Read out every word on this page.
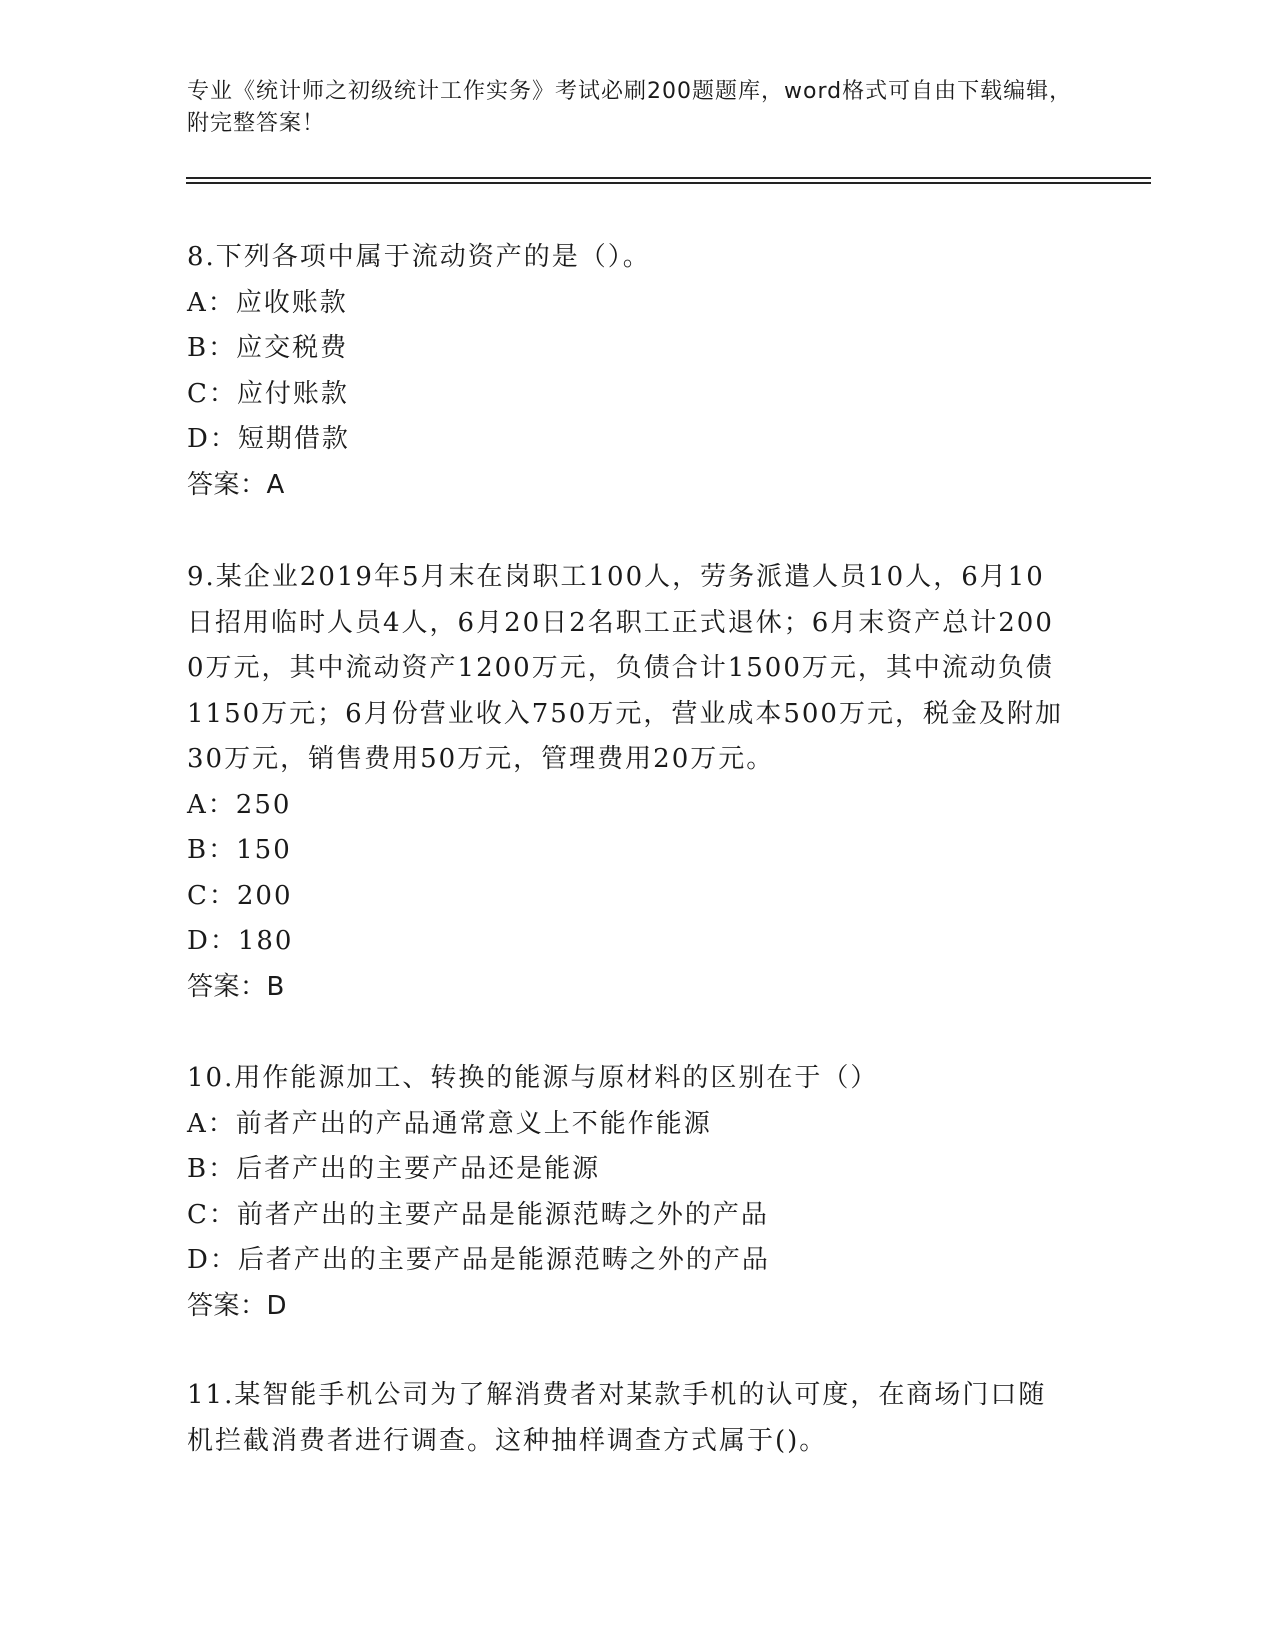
专业《统计师之初级统计工作实务》考试必刷200题题库，word格式可自由下载编辑，附完整答案！
8.下列各项中属于流动资产的是（）。
A：应收账款
B：应交税费
C：应付账款
D：短期借款
答案：A
9.某企业2019年5月末在岗职工100人，劳务派遣人员10人，6月10日招用临时人员4人，6月20日2名职工正式退休；6月末资产总计2000万元，其中流动资产1200万元，负债合计1500万元，其中流动负债1150万元；6月份营业收入750万元，营业成本500万元，税金及附加30万元，销售费用50万元，管理费用20万元。
A：250
B：150
C：200
D：180
答案：B
10.用作能源加工、转换的能源与原材料的区别在于（）
A：前者产出的产品通常意义上不能作能源
B：后者产出的主要产品还是能源
C：前者产出的主要产品是能源范畴之外的产品
D：后者产出的主要产品是能源范畴之外的产品
答案：D
11.某智能手机公司为了解消费者对某款手机的认可度，在商场门口随机拦截消费者进行调查。这种抽样调查方式属于()。
